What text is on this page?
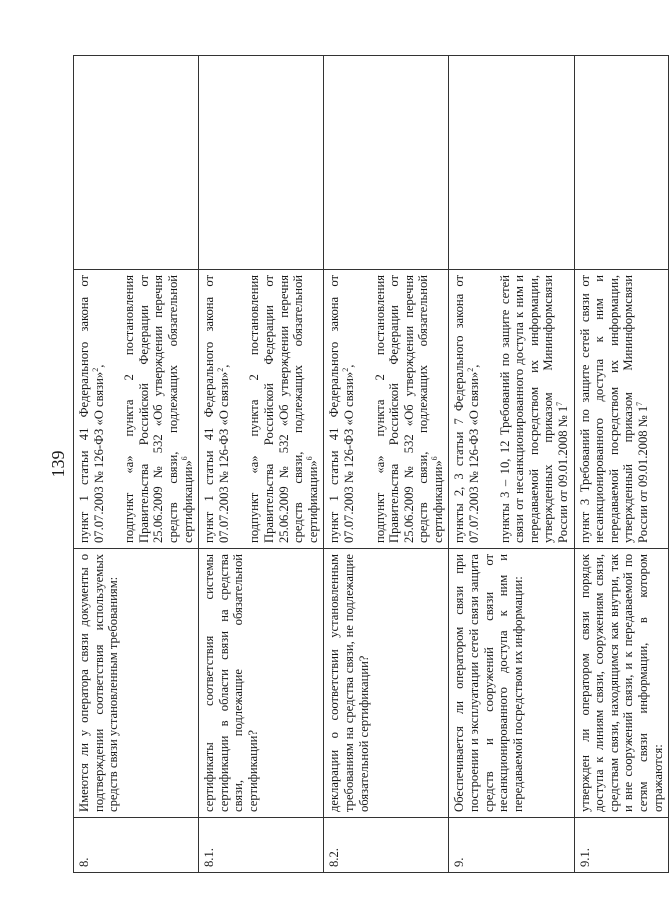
139
8.	Имеются ли у оператора связи документы о подтверждении соответствия используемых средств связи установленным требованиям:	пункт 1 статьи 41 Федерального закона от 07.07.2003 № 126-ФЗ «О связи»$^2$, подпункт «а» пункта 2 постановления Правительства Российской Федерации от 25.06.2009 № 532 «Об утверждении перечня средств связи, подлежащих обязательной сертификации»$^6$

8.1.	сертификаты соответствия системы сертификации в области связи на средства связи, подлежащие обязательной сертификации?	пункт 1 статьи 41 Федерального закона от 07.07.2003 № 126-ФЗ «О связи»$^2$, подпункт «а» пункта 2 постановления Правительства Российской Федерации от 25.06.2009 № 532 «Об утверждении перечня средств связи, подлежащих обязательной сертификации»$^6$

8.2.	декларации о соответствии установленным требованиям на средства связи, не подлежащие обязательной сертификации?	пункт 1 статьи 41 Федерального закона от 07.07.2003 № 126-ФЗ «О связи»$^2$, подпункт «а» пункта 2 постановления Правительства Российской Федерации от 25.06.2009 № 532 «Об утверждении перечня средств связи, подлежащих обязательной сертификации»$^6$

9.	Обеспечивается ли оператором связи при построении и эксплуатации сетей связи защита средств и сооружений связи от несанкционированного доступа к ним и передаваемой посредством их информации:	пункты 2, 3 статьи 7 Федерального закона от 07.07.2003 № 126-ФЗ «О связи»$^2$, пункты 3 – 10, 12 Требований по защите сетей связи от несанкционированного доступа к ним и передаваемой посредством их информации, утвержденных приказом Мининформсвязи России от 09.01.2008 № $1^7$

9.1.	утвержден ли оператором связи порядок доступа к линиям связи, сооружениям связи, средствам связи, находящимся как внутри, так и вне сооружений связи, и к передаваемой по сетям связи информации, в котором отражаются:	пункт 3 Требований по защите сетей связи от несанкционированного доступа к ним и передаваемой посредством их информации, утвержденный приказом Мининформсвязи России от 09.01.2008 № $1^7$
